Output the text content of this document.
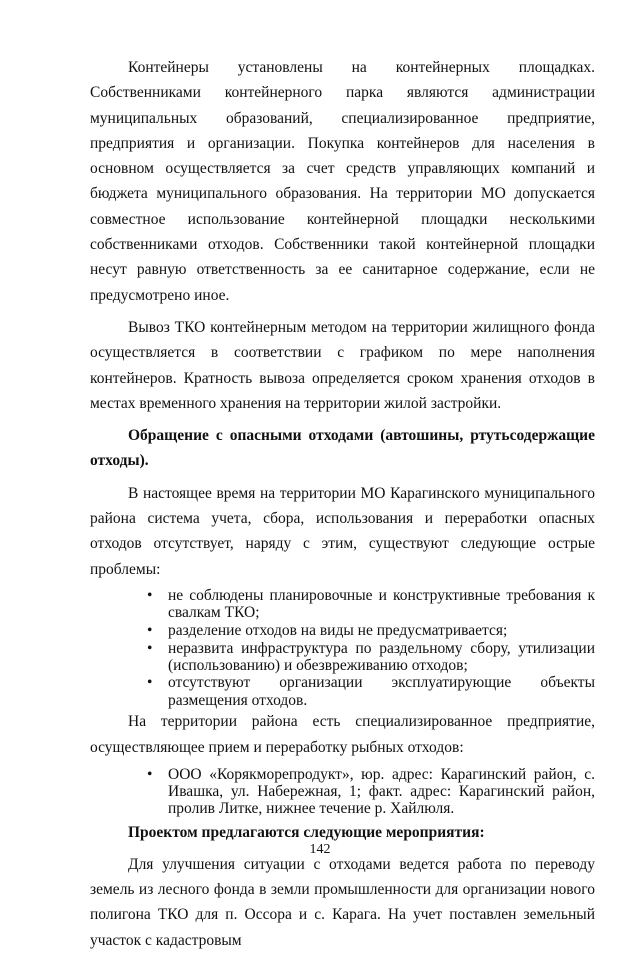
Контейнеры установлены на контейнерных площадках. Собственниками контейнерного парка являются администрации муниципальных образований, специализированное предприятие, предприятия и организации. Покупка контейнеров для населения в основном осуществляется за счет средств управляющих компаний и бюджета муниципального образования. На территории МО допускается совместное использование контейнерной площадки несколькими собственниками отходов. Собственники такой контейнерной площадки несут равную ответственность за ее санитарное содержание, если не предусмотрено иное.

Вывоз ТКО контейнерным методом на территории жилищного фонда осуществляется в соответствии с графиком по мере наполнения контейнеров. Кратность вывоза определяется сроком хранения отходов в местах временного хранения на территории жилой застройки.

Обращение с опасными отходами (автошины, ртутьсодержащие отходы).

В настоящее время на территории МО Карагинского муниципального района система учета, сбора, использования и переработки опасных отходов отсутствует, наряду с этим, существуют следующие острые проблемы:

• не соблюдены планировочные и конструктивные требования к свалкам ТКО;
• разделение отходов на виды не предусматривается;
• неразвита инфраструктура по раздельному сбору, утилизации (использованию) и обезвреживанию отходов;
• отсутствуют организации эксплуатирующие объекты размещения отходов.

На территории района есть специализированное предприятие, осуществляющее прием и переработку рыбных отходов:

• ООО «Корякморепродукт», юр. адрес: Карагинский район, с. Ивашка, ул. Набережная, 1; факт. адрес: Карагинский район, пролив Литке, нижнее течение р. Хайлюля.

Проектом предлагаются следующие мероприятия:

Для улучшения ситуации с отходами ведется работа по переводу земель из лесного фонда в земли промышленности для организации нового полигона ТКО для п. Оссора и с. Карага. На учет поставлен земельный участок с кадастровым

142
